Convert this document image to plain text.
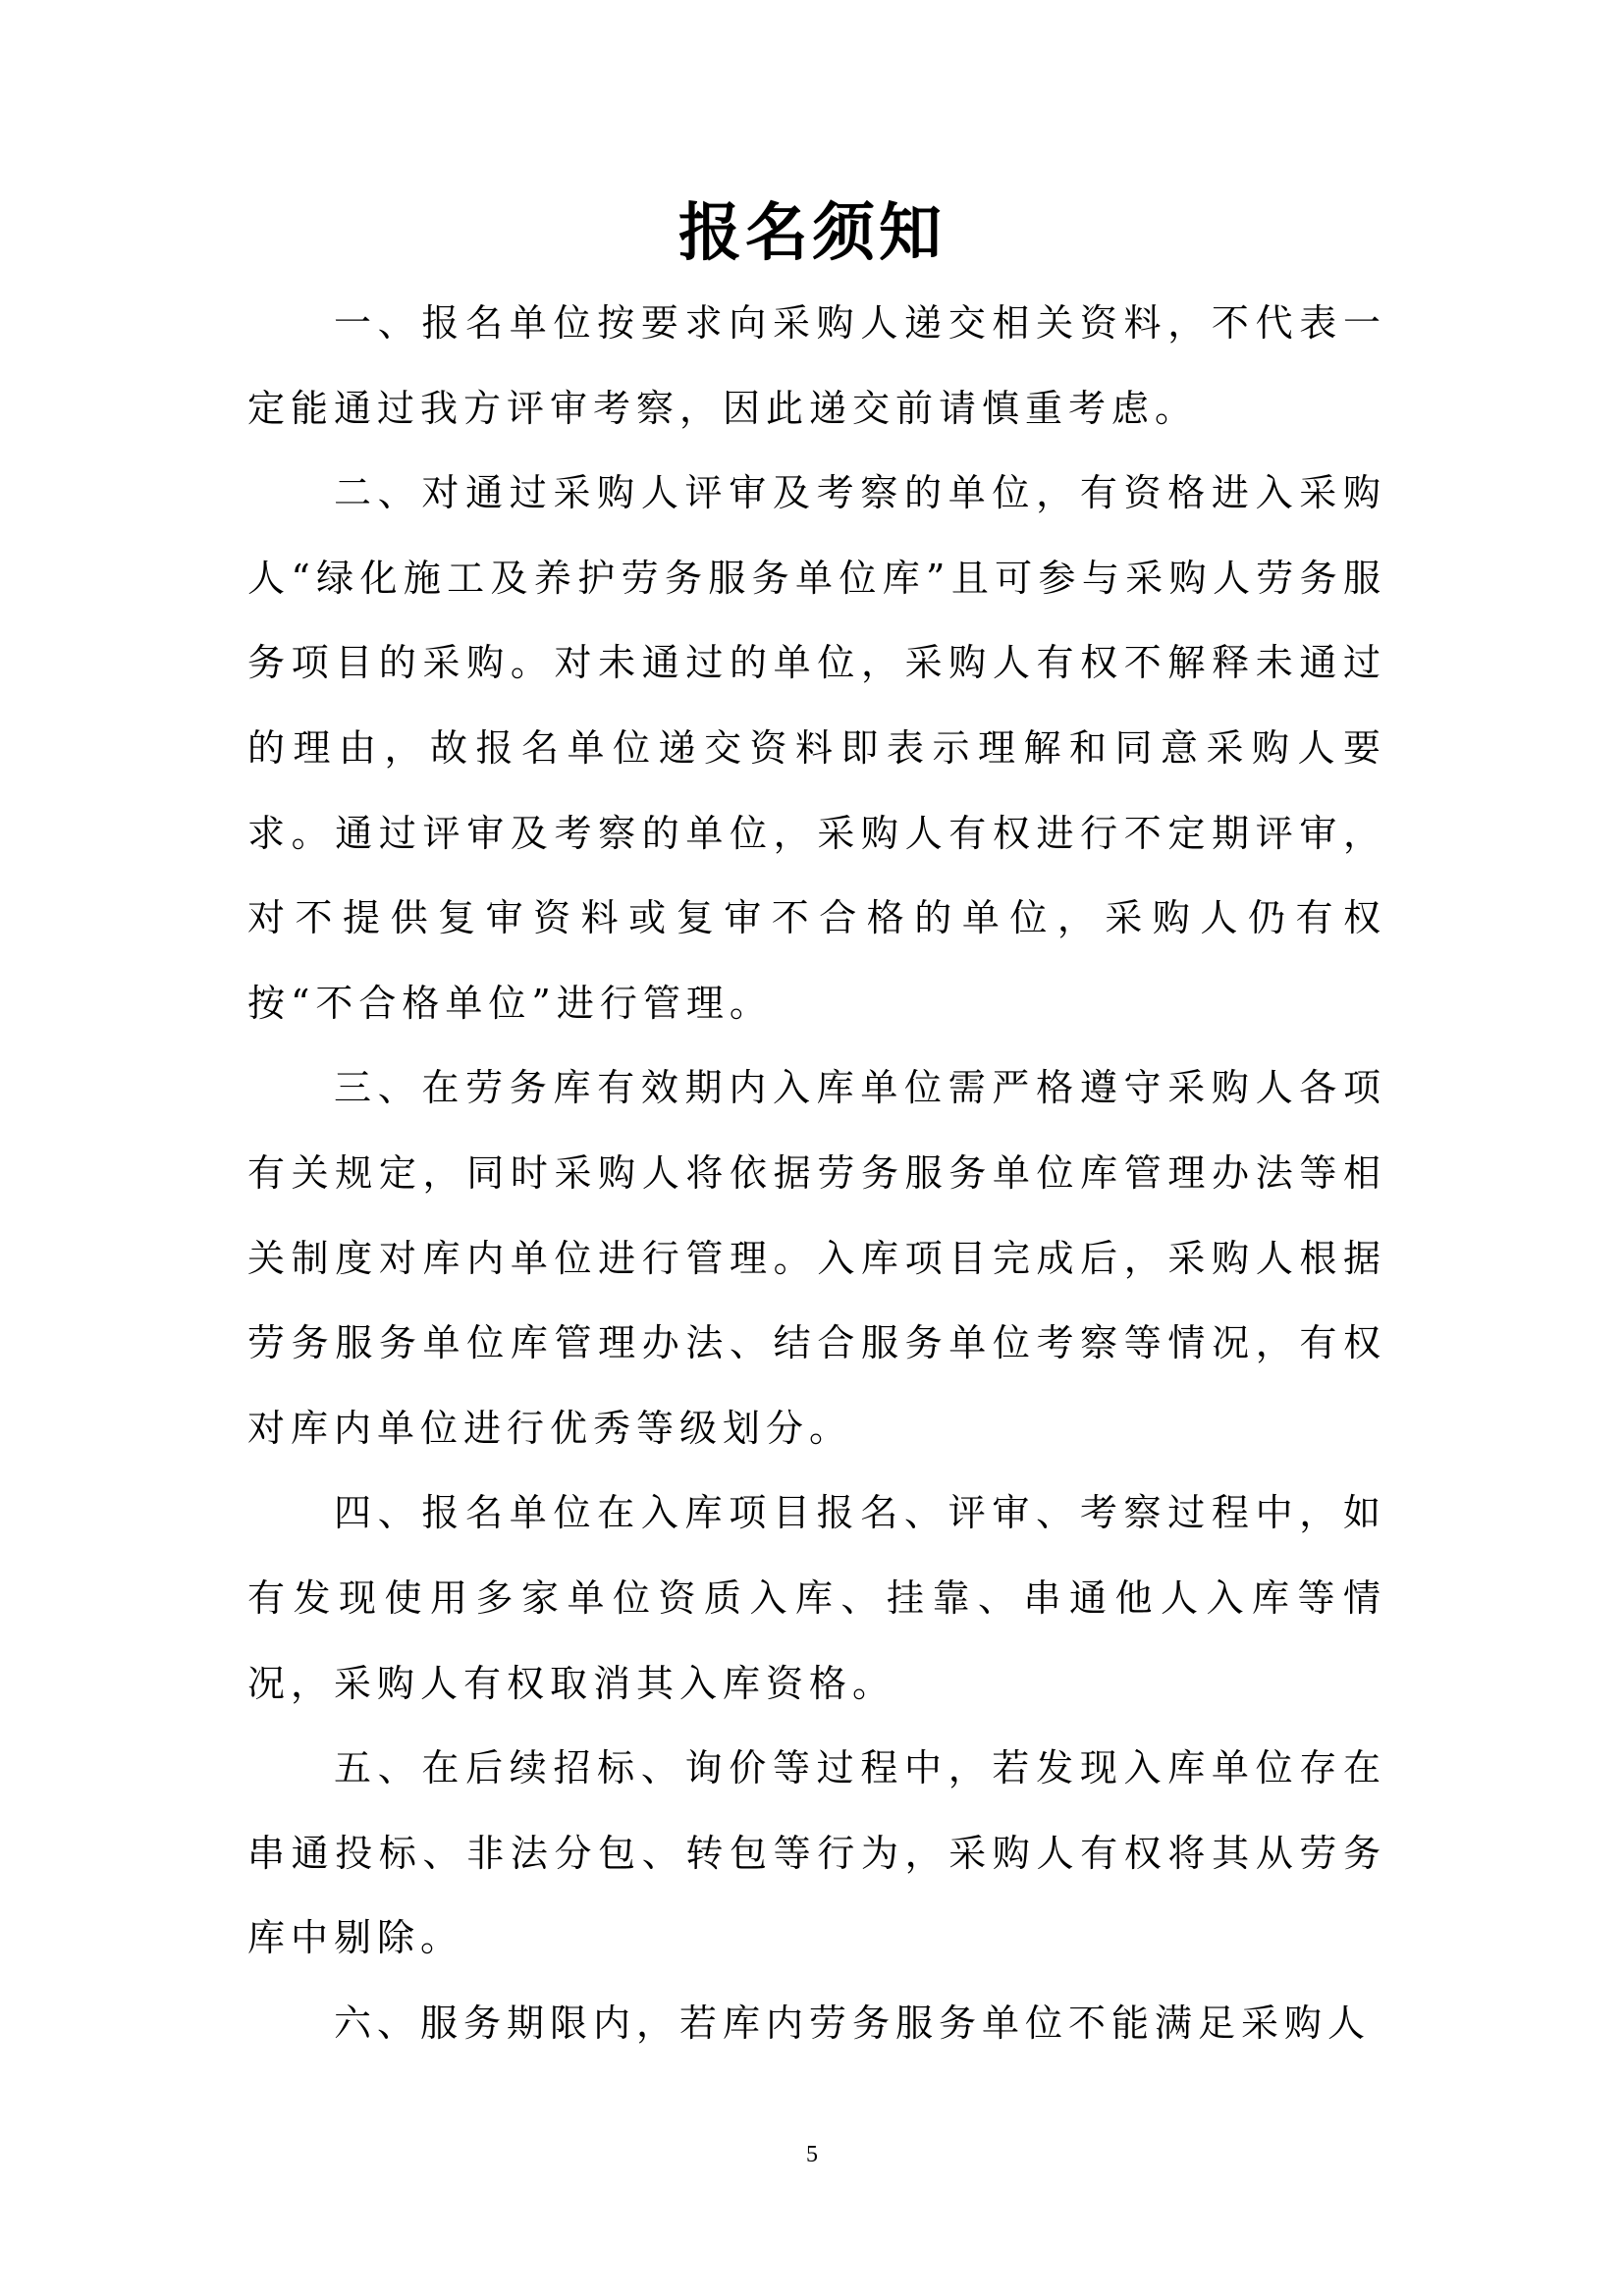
报名须知

一、报名单位按要求向采购人递交相关资料，不代表一定能通过我方评审考察，因此递交前请慎重考虑。

二、对通过采购人评审及考察的单位，有资格进入采购人“绿化施工及养护劳务服务单位库”且可参与采购人劳务服务项目的采购。对未通过的单位，采购人有权不解释未通过的理由，故报名单位递交资料即表示理解和同意采购人要求。通过评审及考察的单位，采购人有权进行不定期评审，对不提供复审资料或复审不合格的单位，采购人仍有权按“不合格单位”进行管理。

三、在劳务库有效期内入库单位需严格遵守采购人各项有关规定，同时采购人将依据劳务服务单位库管理办法等相关制度对库内单位进行管理。入库项目完成后，采购人根据劳务服务单位库管理办法、结合服务单位考察等情况，有权对库内单位进行优秀等级划分。

四、报名单位在入库项目报名、评审、考察过程中，如有发现使用多家单位资质入库、挂靠、串通他人入库等情况，采购人有权取消其入库资格。

五、在后续招标、询价等过程中，若发现入库单位存在串通投标、非法分包、转包等行为，采购人有权将其从劳务库中剔除。

六、服务期限内，若库内劳务服务单位不能满足采购人

5
